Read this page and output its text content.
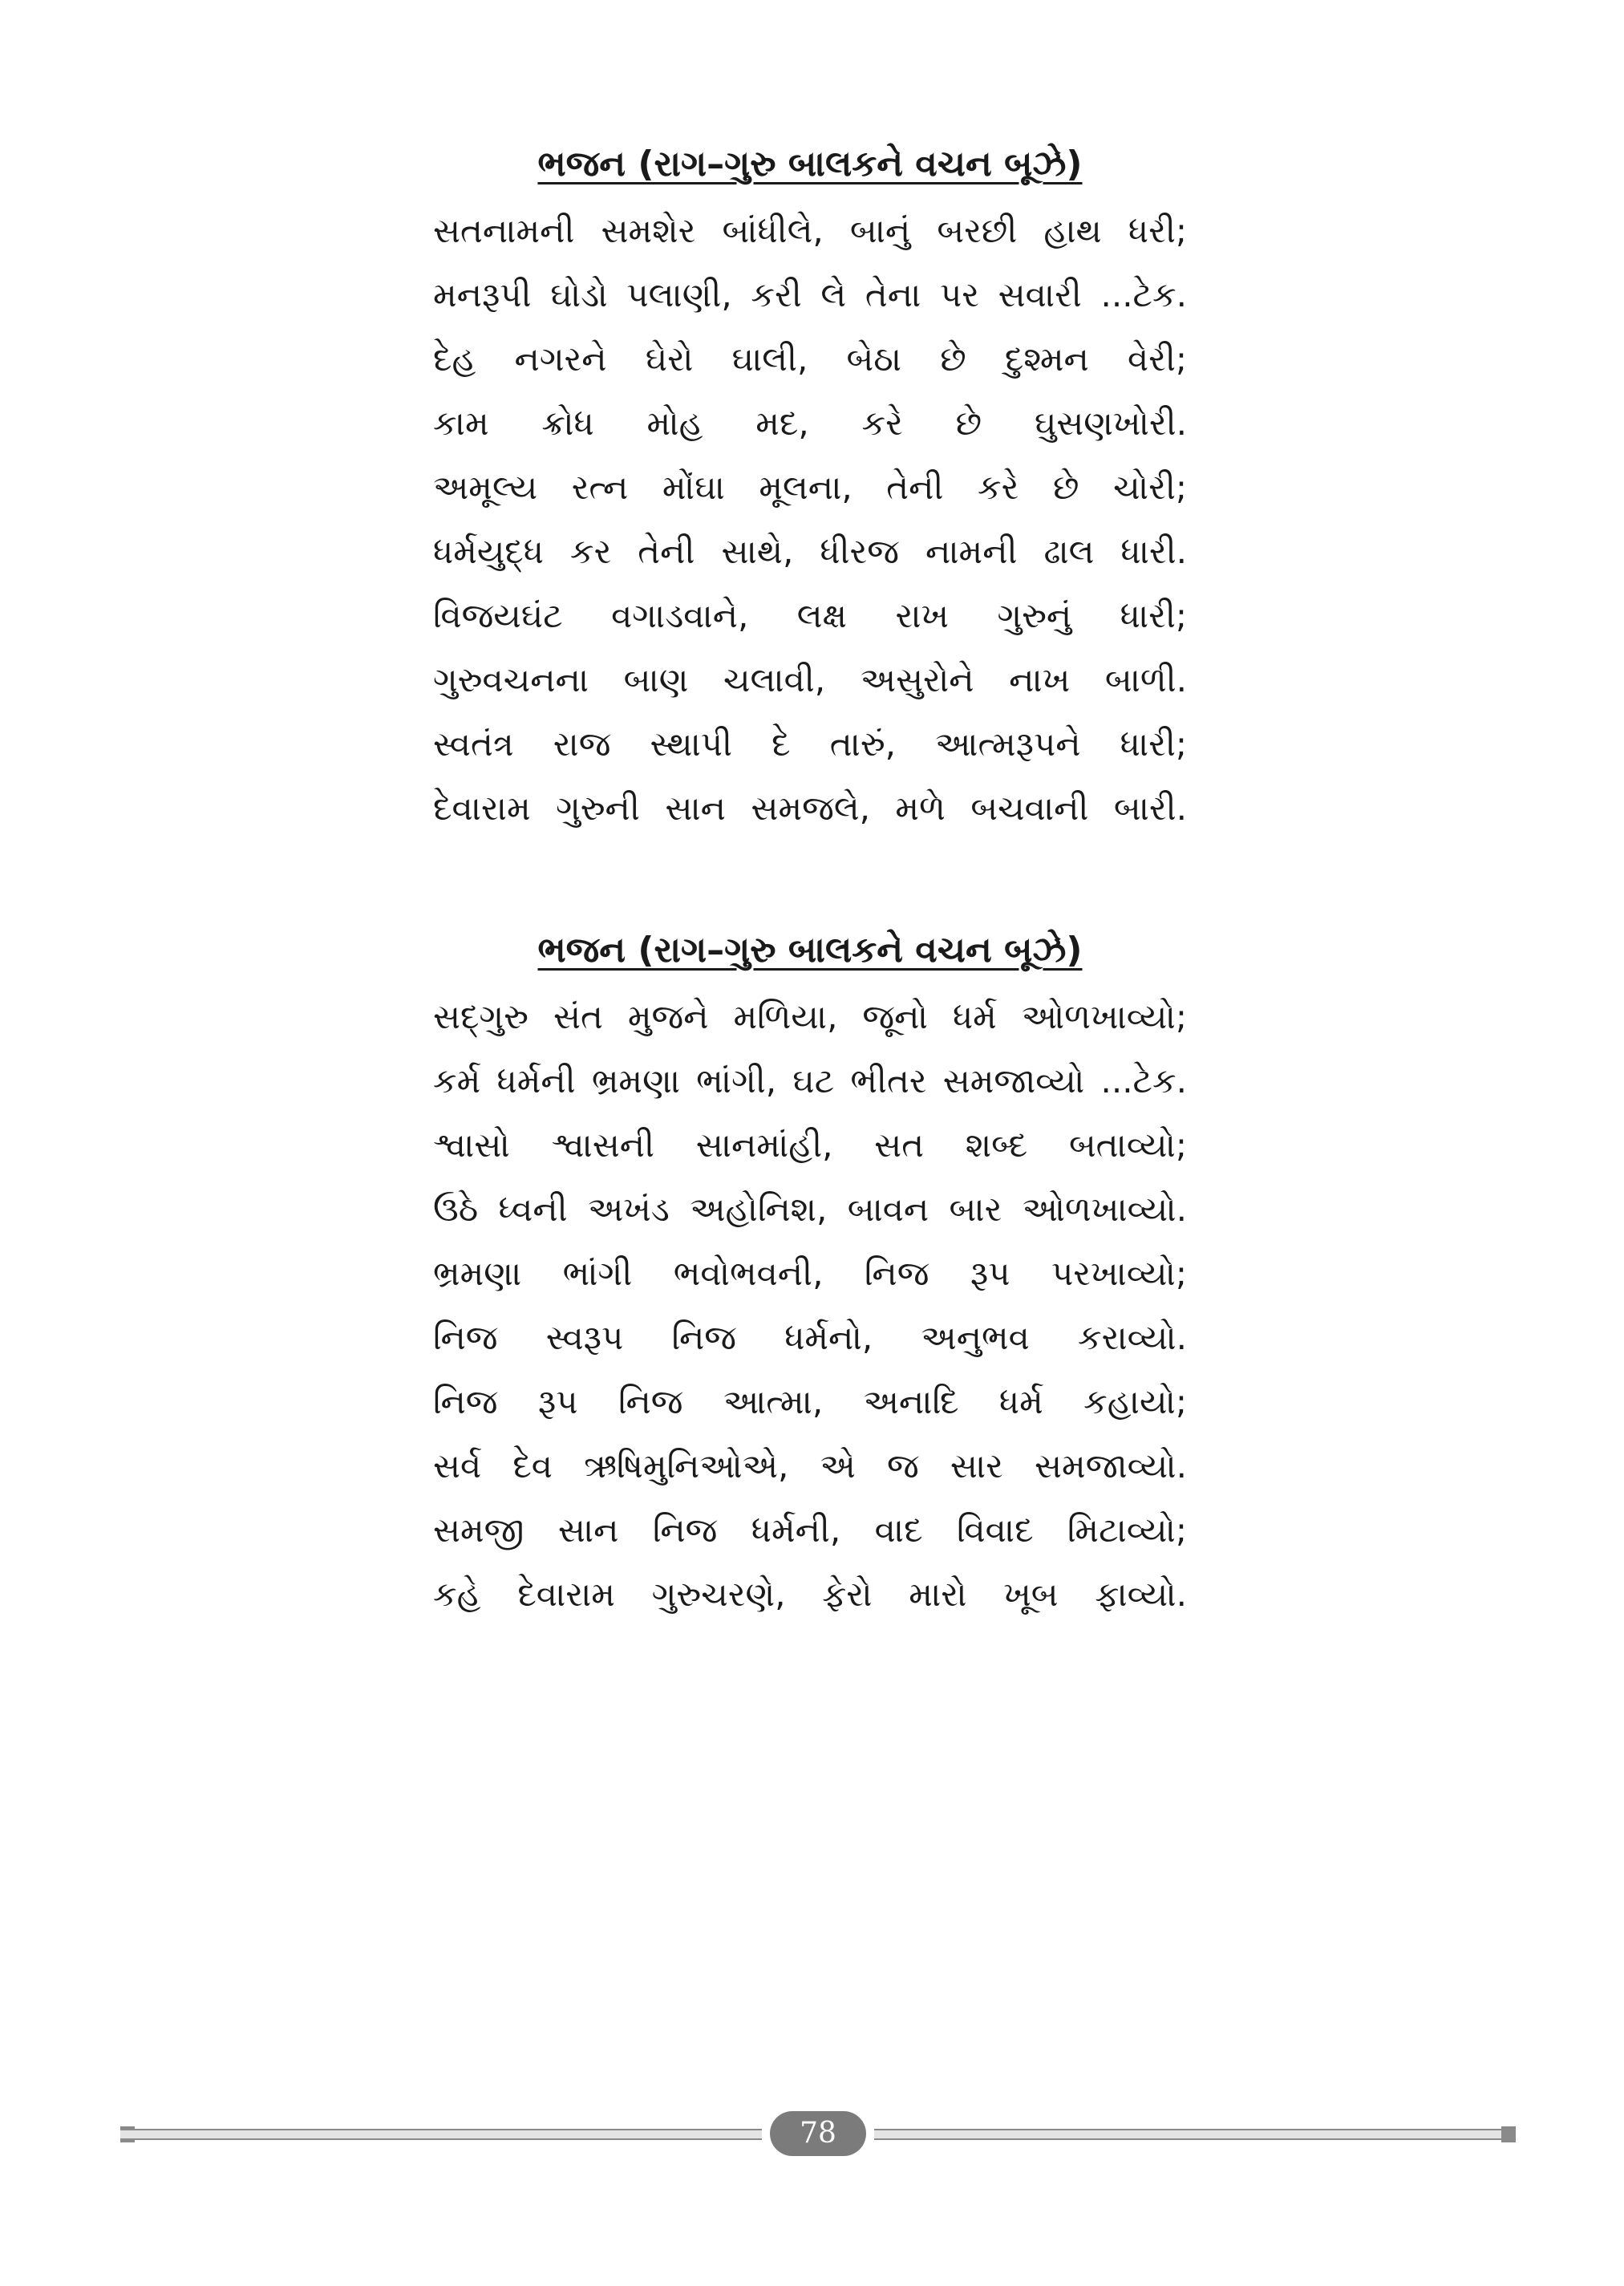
ભજન (રાગ–ગુરુ બાલકને વચન બૂઝે)
સતનામની સમશેર બાંધીલે, બાનું બરછી હાથ ધરી;
મનરૂપી ઘોડો પલાણી, કરી લે તેના પર સવારી ...ટેક.
દેહ નગરને ઘેરો ઘાલી, બેઠા છે દુશ્મન વેરી;
કામ ક્રોધ મોહ મદ, કરે છે ઘુસણખોરી.
અમૂલ્ય રત્ન મોંઘા મૂલના, તેની કરે છે ચોરી;
ધર્મયુદ્ધ કર તેની સાથે, ધીરજ નામની ઢાલ ધારી.
વિજયઘંટ વગાડવાને, લક્ષ રાખ ગુરુનું ધારી;
ગુરુવચનના બાણ ચલાવી, અસુરોને નાખ બાળી.
સ્વતંત્ર રાજ સ્થાપી દે તારું, આત્મરૂપને ધારી;
દેવારામ ગુરુની સાન સમજલે, મળે બચવાની બારી.
ભજન (રાગ–ગુરુ બાલકને વચન બૂઝે)
સદ્‌ગુરુ સંત મુજને મળિયા, જૂનો ધર્મ ઓળખાવ્યો;
કર્મ ધર્મની ભ્રમણા ભાંગી, ઘટ ભીતર સમજાવ્યો ...ટેક.
શ્વાસો શ્વાસની સાનમાંહી, સત શબ્દ બતાવ્યો;
ઉઠે ધ્વની અખંડ અહોનિશ, બાવન બાર ઓળખાવ્યો.
ભ્રમણા ભાંગી ભવોભવની, નિજ રૂપ પરખાવ્યો;
નિજ સ્વરૂપ નિજ ધર્મનો, અનુભવ કરાવ્યો.
નિજ રૂપ નિજ આત્મા, અનાદિ ધર્મ કહાયો;
સર્વ દેવ ઋષિમુનિઓએ, એ જ સાર સમજાવ્યો.
સમજી સાન નિજ ધર્મની, વાદ વિવાદ મિટાવ્યો;
કહે દેવારામ ગુરુચરણે, ફેરો મારો ખૂબ ફાવ્યો.
78
